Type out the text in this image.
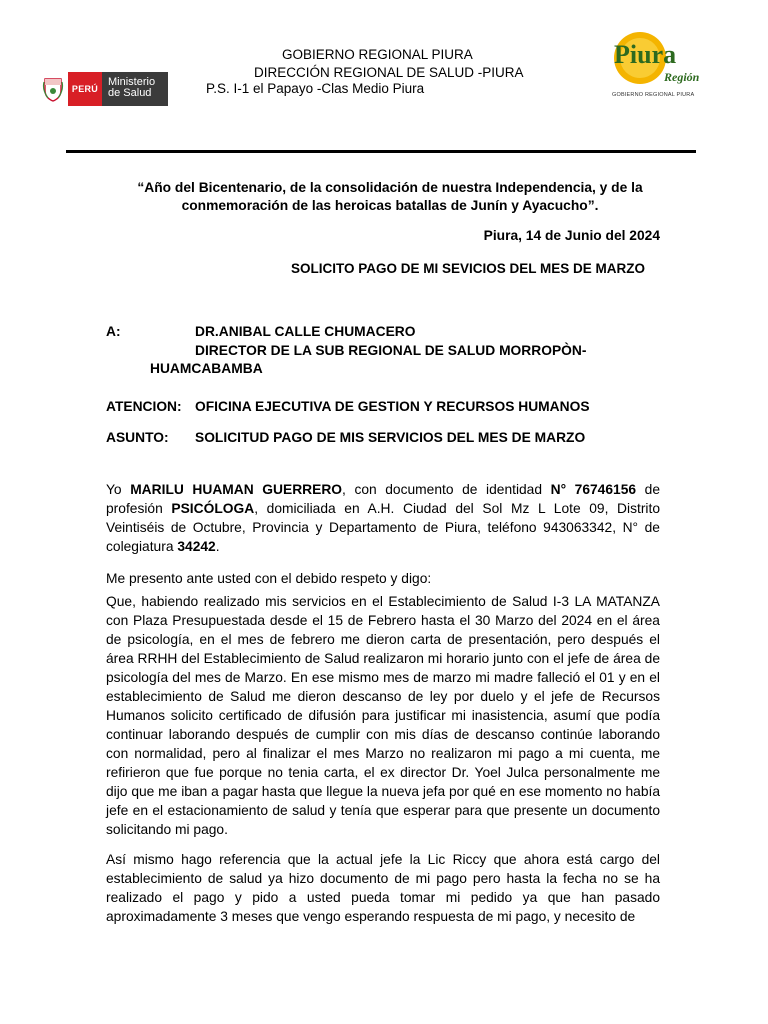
PERÚ
Ministerio
de Salud
GOBIERNO REGIONAL PIURA
DIRECCIÓN REGIONAL DE SALUD -PIURA
P.S. I-1 el Papayo -Clas Medio Piura
Piura
Región
GOBIERNO REGIONAL PIURA
“Año del Bicentenario, de la consolidación de nuestra Independencia, y de la conmemoración de las heroicas batallas de Junín y Ayacucho”.
Piura, 14 de Junio del 2024
SOLICITO PAGO DE MI SEVICIOS DEL MES DE MARZO
A:	DR.ANIBAL CALLE CHUMACERO
DIRECTOR DE LA SUB REGIONAL DE SALUD MORROPÒN-
HUAMCABAMBA
ATENCION: OFICINA EJECUTIVA DE GESTION Y RECURSOS HUMANOS
ASUNTO: SOLICITUD PAGO DE MIS SERVICIOS DEL MES DE MARZO
Yo MARILU HUAMAN GUERRERO, con documento de identidad N° 76746156 de profesión PSICÓLOGA, domiciliada en A.H. Ciudad del Sol Mz L Lote 09, Distrito Veintiséis de Octubre, Provincia y Departamento de Piura, teléfono 943063342, N° de colegiatura 34242.
Me presento ante usted con el debido respeto y digo:
Que, habiendo realizado mis servicios en el Establecimiento de Salud I-3 LA MATANZA con Plaza Presupuestada desde el 15 de Febrero hasta el 30 Marzo del 2024 en el área de psicología, en el mes de febrero me dieron carta de presentación, pero después el área RRHH del Establecimiento de Salud realizaron mi horario junto con el jefe de área de psicología del mes de Marzo. En ese mismo mes de marzo mi madre falleció el 01 y en el establecimiento de Salud me dieron descanso de ley por duelo y el jefe de Recursos Humanos solicito certificado de difusión para justificar mi inasistencia, asumí que podía continuar laborando después de cumplir con mis días de descanso continúe laborando con normalidad, pero al finalizar el mes Marzo no realizaron mi pago a mi cuenta, me refirieron que fue porque no tenia carta, el ex director Dr. Yoel Julca personalmente me dijo que me iban a pagar hasta que llegue la nueva jefa por qué en ese momento no había jefe en el estacionamiento de salud y tenía que esperar para que presente un documento solicitando mi pago.
Así mismo hago referencia que la actual jefe la Lic Riccy que ahora está cargo del establecimiento de salud ya hizo documento de mi pago pero hasta la fecha no se ha realizado el pago y pido a usted pueda tomar mi pedido ya que han pasado aproximadamente 3 meses que vengo esperando respuesta de mi pago, y necesito de
